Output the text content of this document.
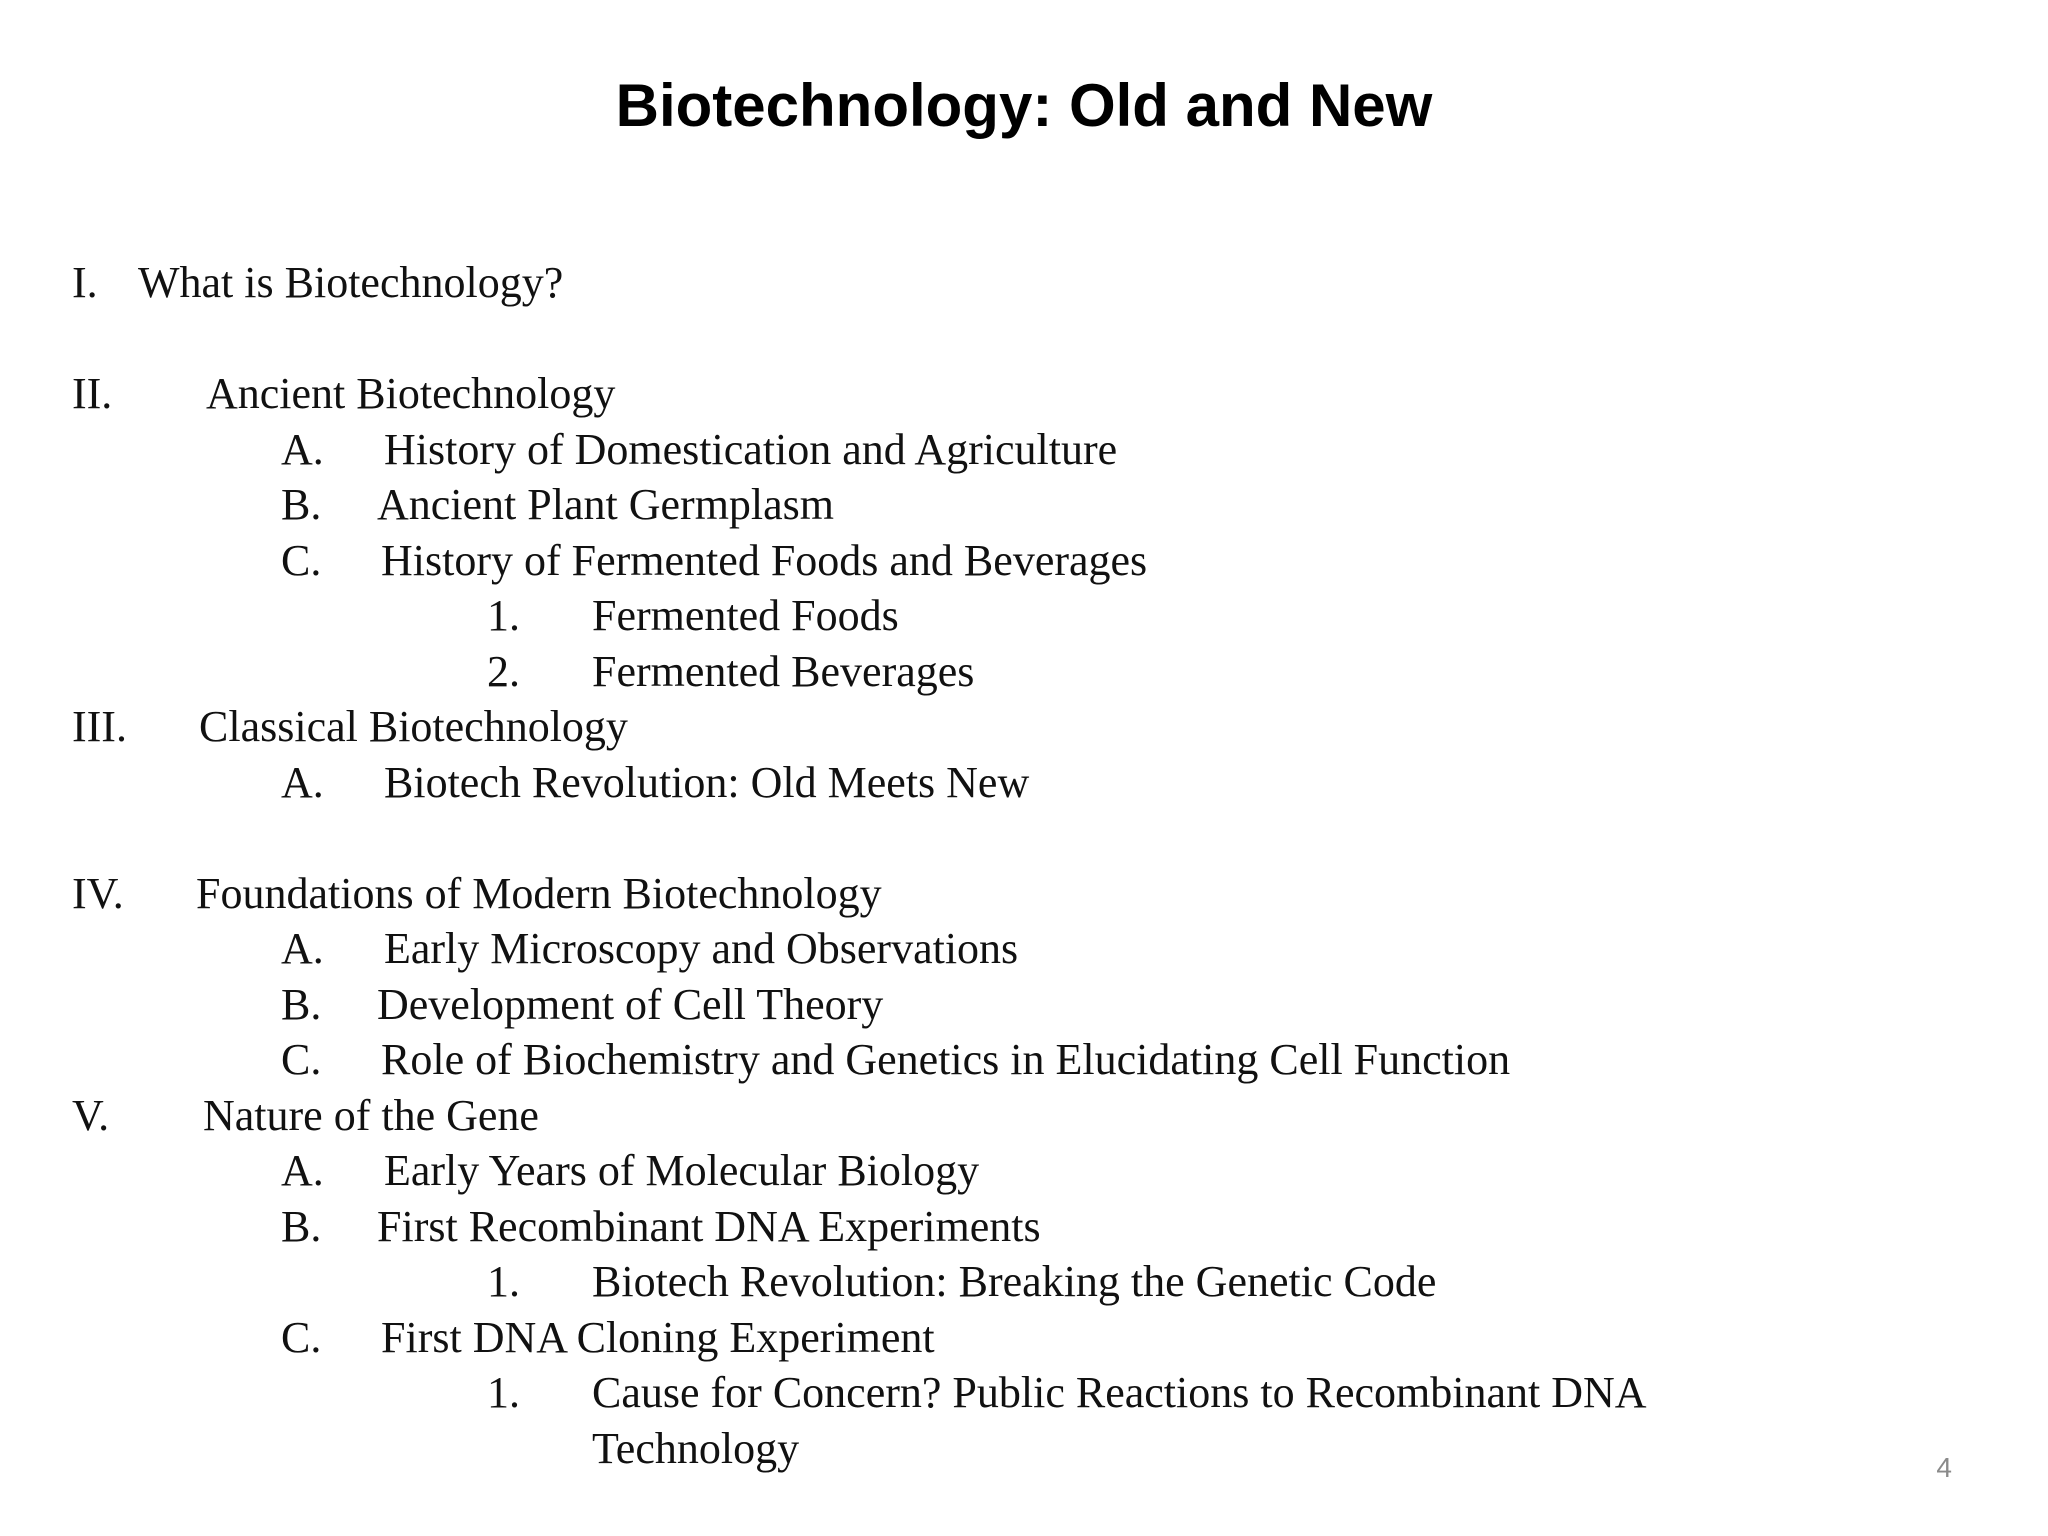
Biotechnology: Old and New
I. What is Biotechnology?
II. Ancient Biotechnology
A. History of Domestication and Agriculture
B. Ancient Plant Germplasm
C. History of Fermented Foods and Beverages
1. Fermented Foods
2. Fermented Beverages
III. Classical Biotechnology
A. Biotech Revolution: Old Meets New
IV. Foundations of Modern Biotechnology
A. Early Microscopy and Observations
B. Development of Cell Theory
C. Role of Biochemistry and Genetics in Elucidating Cell Function
V. Nature of the Gene
A. Early Years of Molecular Biology
B. First Recombinant DNA Experiments
1. Biotech Revolution: Breaking the Genetic Code
C. First DNA Cloning Experiment
1. Cause for Concern? Public Reactions to Recombinant DNA
Technology	4
